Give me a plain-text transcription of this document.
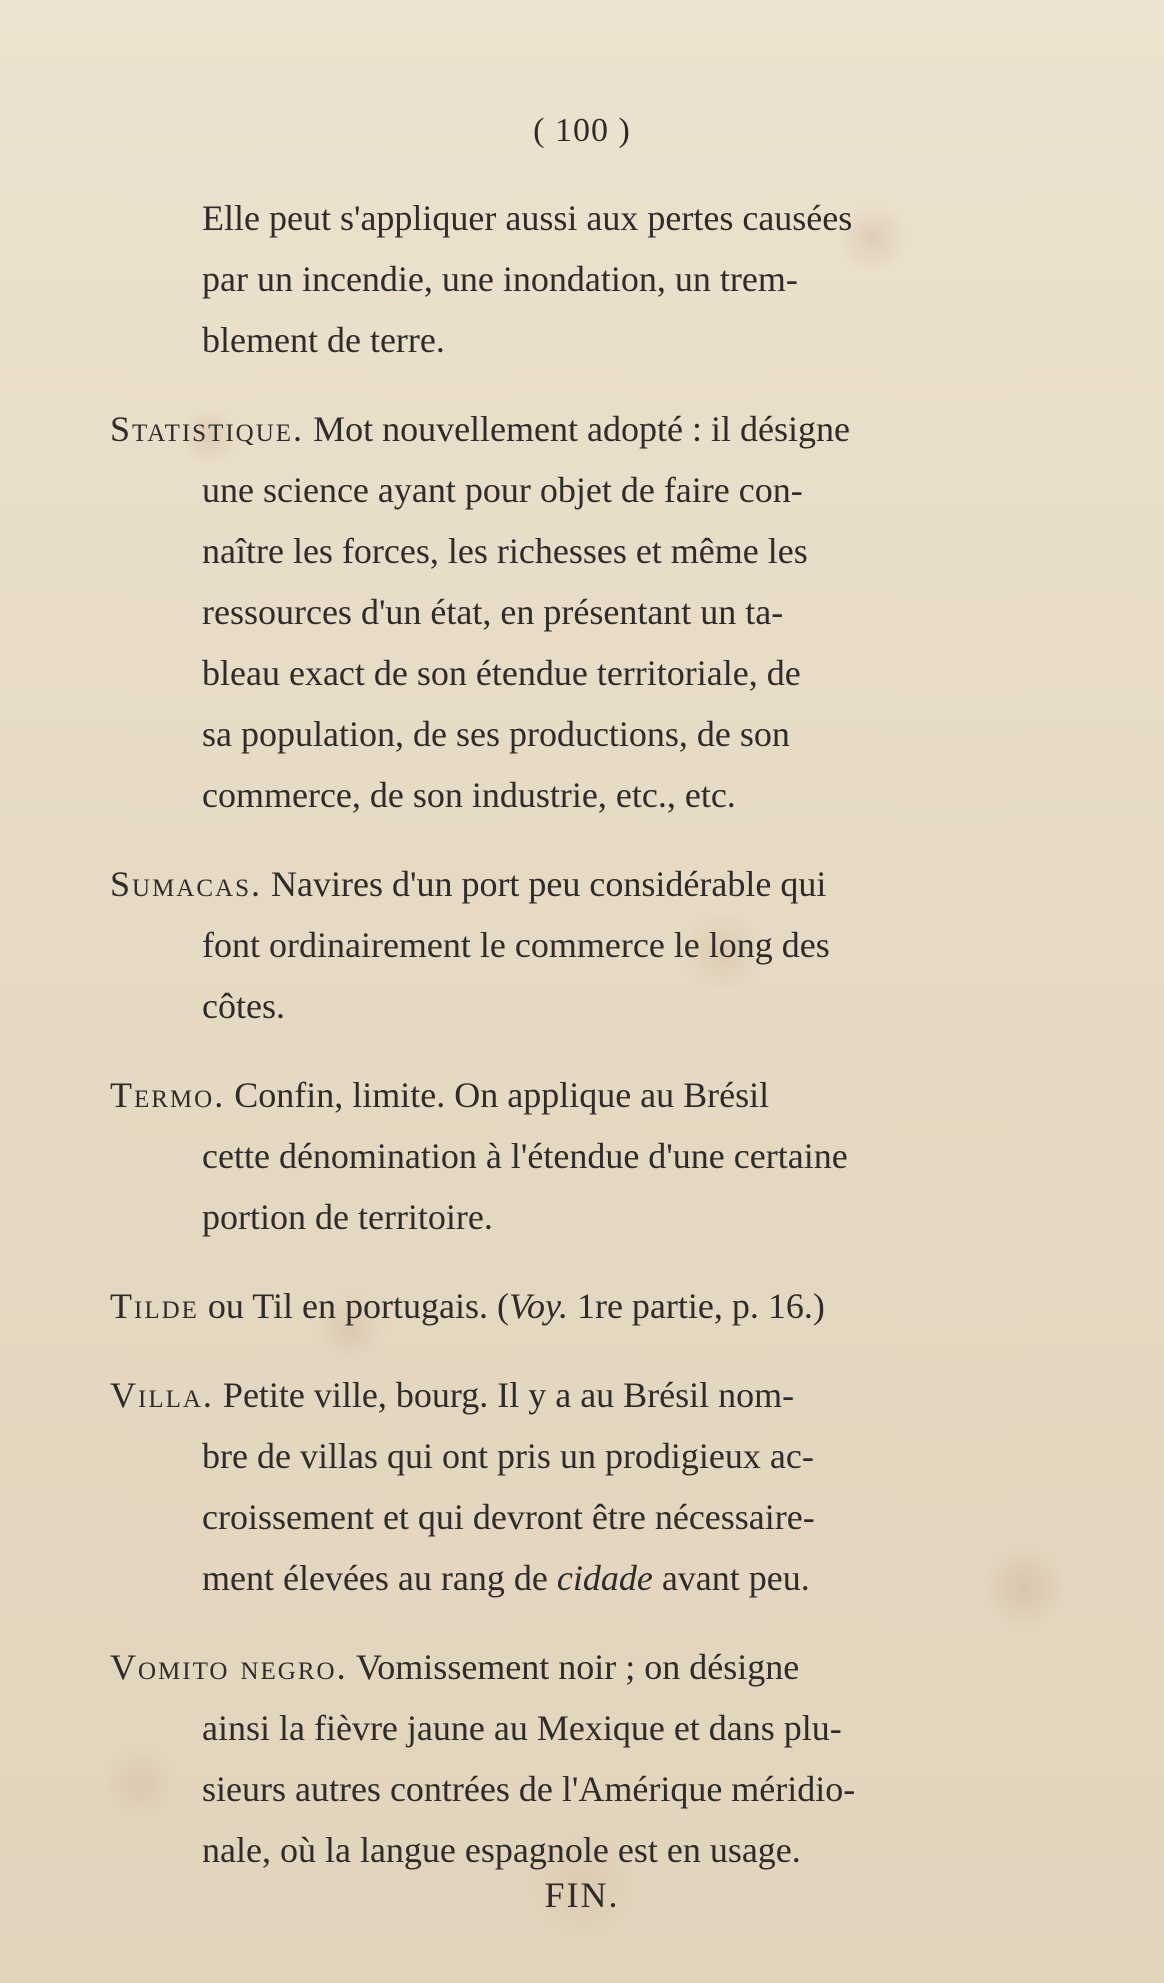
( 100 )
Elle peut s'appliquer aussi aux pertes causées
par un incendie, une inondation, un trem-
blement de terre.
Statistique. Mot nouvellement adopté : il désigne
une science ayant pour objet de faire con-
naître les forces, les richesses et même les
ressources d'un état, en présentant un ta-
bleau exact de son étendue territoriale, de
sa population, de ses productions, de son
commerce, de son industrie, etc., etc.
Sumacas. Navires d'un port peu considérable qui
font ordinairement le commerce le long des
côtes.
Termo. Confin, limite. On applique au Brésil
cette dénomination à l'étendue d'une certaine
portion de territoire.
Tilde ou Til en portugais. (Voy. 1re partie, p. 16.)
Villa. Petite ville, bourg. Il y a au Brésil nom-
bre de villas qui ont pris un prodigieux ac-
croissement et qui devront être nécessaire-
ment élevées au rang de cidade avant peu.
Vomito negro. Vomissement noir ; on désigne
ainsi la fièvre jaune au Mexique et dans plu-
sieurs autres contrées de l'Amérique méridio-
nale, où la langue espagnole est en usage.
FIN.
